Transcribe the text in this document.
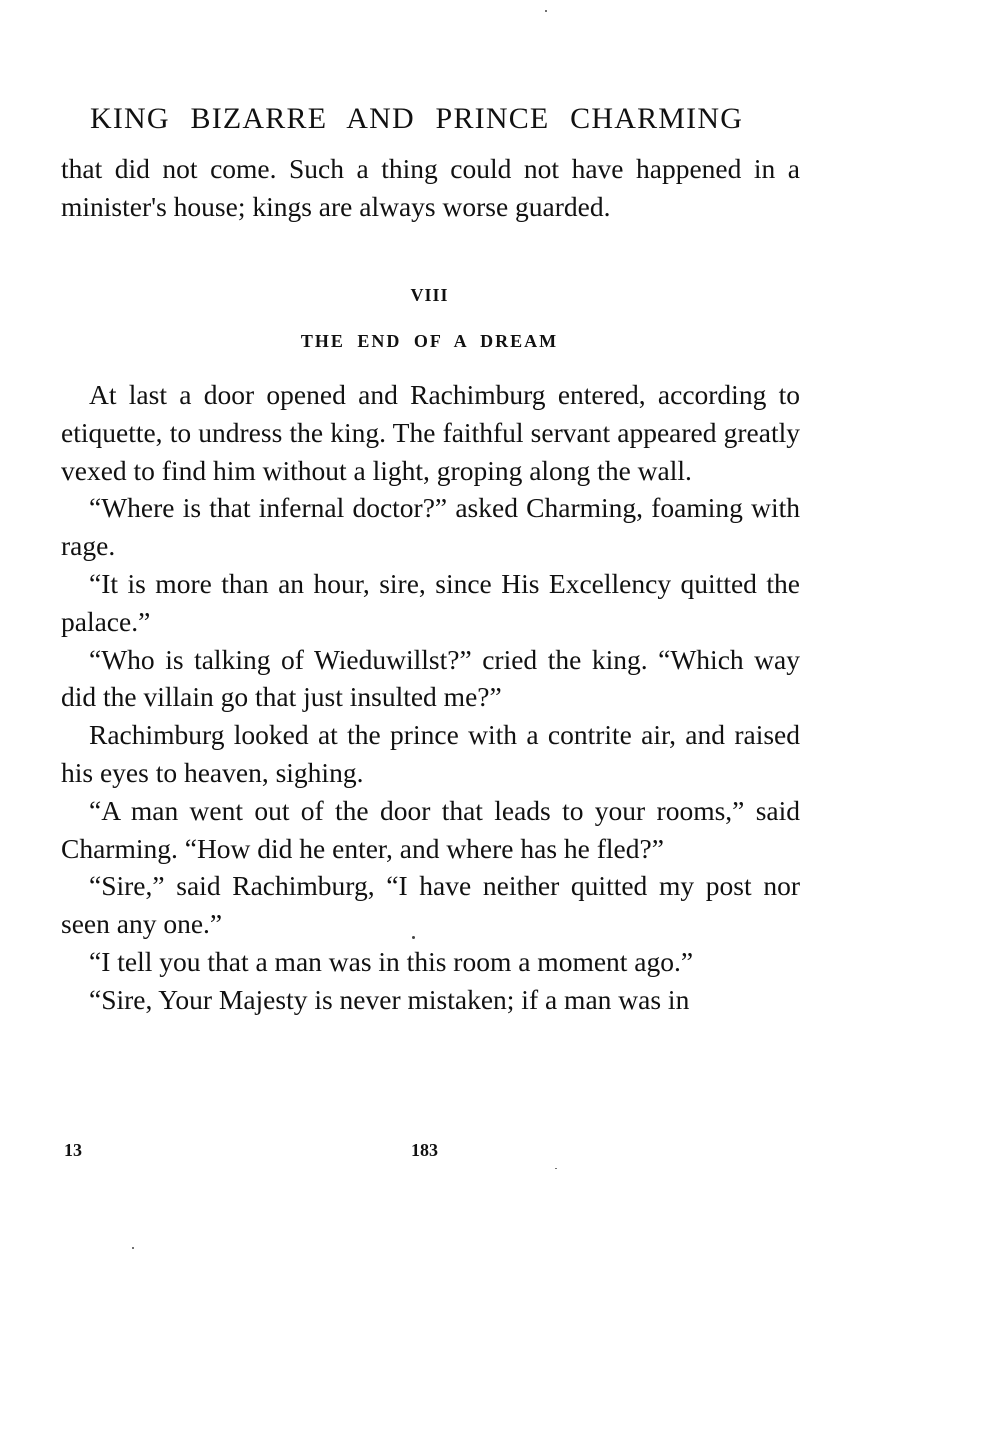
KING BIZARRE AND PRINCE CHARMING

that did not come. Such a thing could not have happened in a minister's house; kings are always worse guarded.

VIII
THE END OF A DREAM

At last a door opened and Rachimburg entered, according to etiquette, to undress the king. The faithful servant appeared greatly vexed to find him without a light, groping along the wall.

“Where is that infernal doctor?” asked Charming, foaming with rage.

“It is more than an hour, sire, since His Excellency quitted the palace.”

“Who is talking of Wieduwillst?” cried the king. “Which way did the villain go that just insulted me?”

Rachimburg looked at the prince with a contrite air, and raised his eyes to heaven, sighing.

“A man went out of the door that leads to your rooms,” said Charming. “How did he enter, and where has he fled?”

“Sire,” said Rachimburg, “I have neither quitted my post nor seen any one.”

“I tell you that a man was in this room a moment ago.”

“Sire, Your Majesty is never mistaken; if a man was in

13	183
